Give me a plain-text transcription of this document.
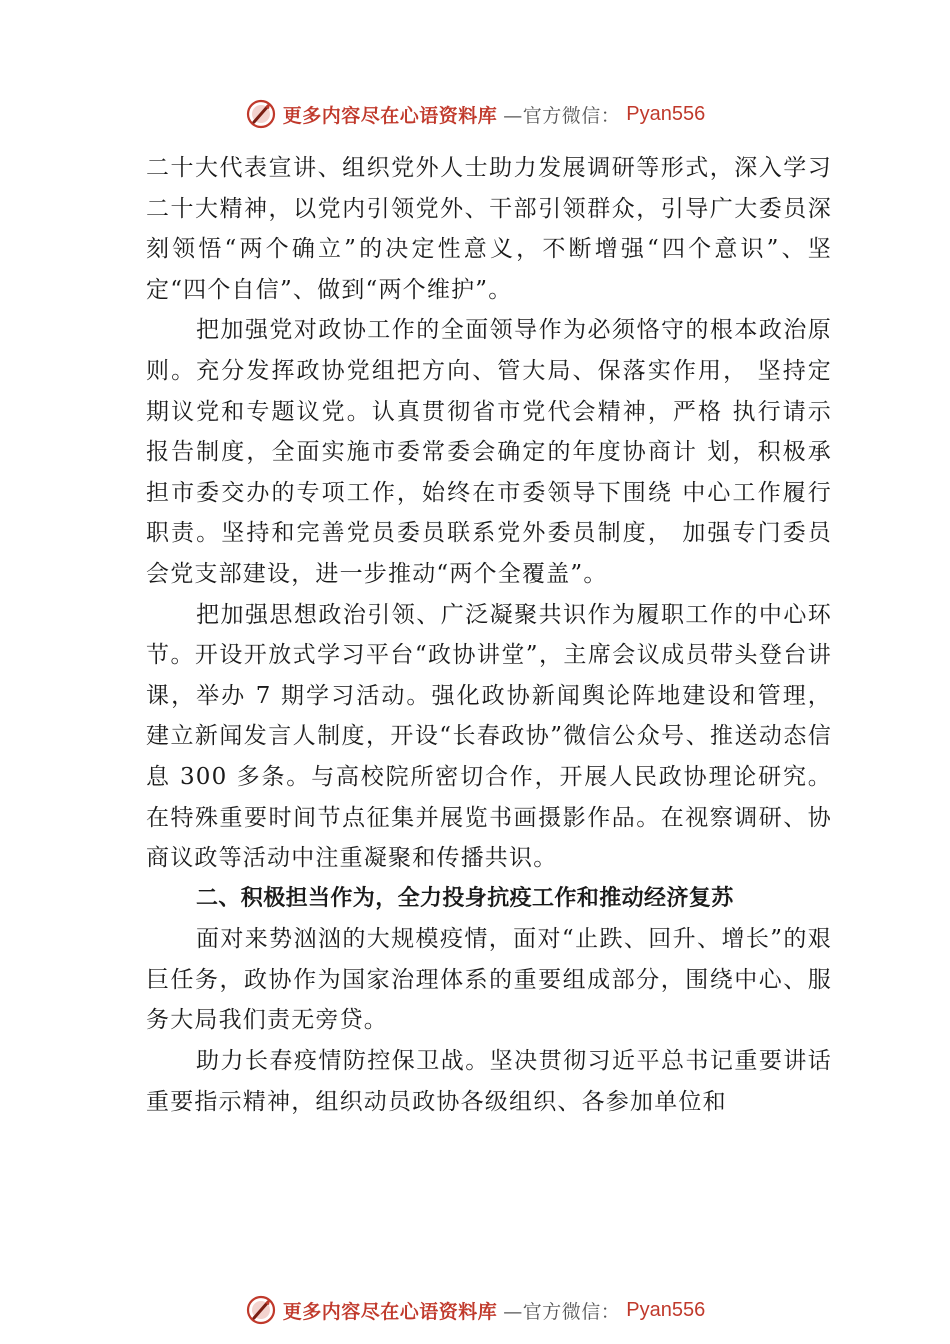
更多内容尽在心语资料库 —官方微信： Pyan556

二十大代表宣讲、组织党外人士助力发展调研等形式，深入学习二十大精神，以党内引领党外、干部引领群众，引导广大委员深刻领悟“两个确立”的决定性意义，不断增强“四个意识”、坚定“四个自信”、做到“两个维护”。

把加强党对政协工作的全面领导作为必须恪守的根本政治原则。充分发挥政协党组把方向、管大局、保落实作用， 坚持定期议党和专题议党。认真贯彻省市党代会精神，严格 执行请示报告制度，全面实施市委常委会确定的年度协商计 划，积极承担市委交办的专项工作，始终在市委领导下围绕 中心工作履行职责。坚持和完善党员委员联系党外委员制度， 加强专门委员会党支部建设，进一步推动“两个全覆盖”。

把加强思想政治引领、广泛凝聚共识作为履职工作的中心环节。开设开放式学习平台“政协讲堂”，主席会议成员带头登台讲课，举办 7 期学习活动。强化政协新闻舆论阵地建设和管理，建立新闻发言人制度，开设“长春政协”微信公众号、推送动态信息 300 多条。与高校院所密切合作，开展人民政协理论研究。在特殊重要时间节点征集并展览书画摄影作品。在视察调研、协商议政等活动中注重凝聚和传播共识。

二、积极担当作为，全力投身抗疫工作和推动经济复苏

面对来势汹汹的大规模疫情，面对“止跌、回升、增长”的艰巨任务，政协作为国家治理体系的重要组成部分，围绕中心、服务大局我们责无旁贷。

助力长春疫情防控保卫战。坚决贯彻习近平总书记重要讲话重要指示精神，组织动员政协各级组织、各参加单位和

更多内容尽在心语资料库 —官方微信： Pyan556
